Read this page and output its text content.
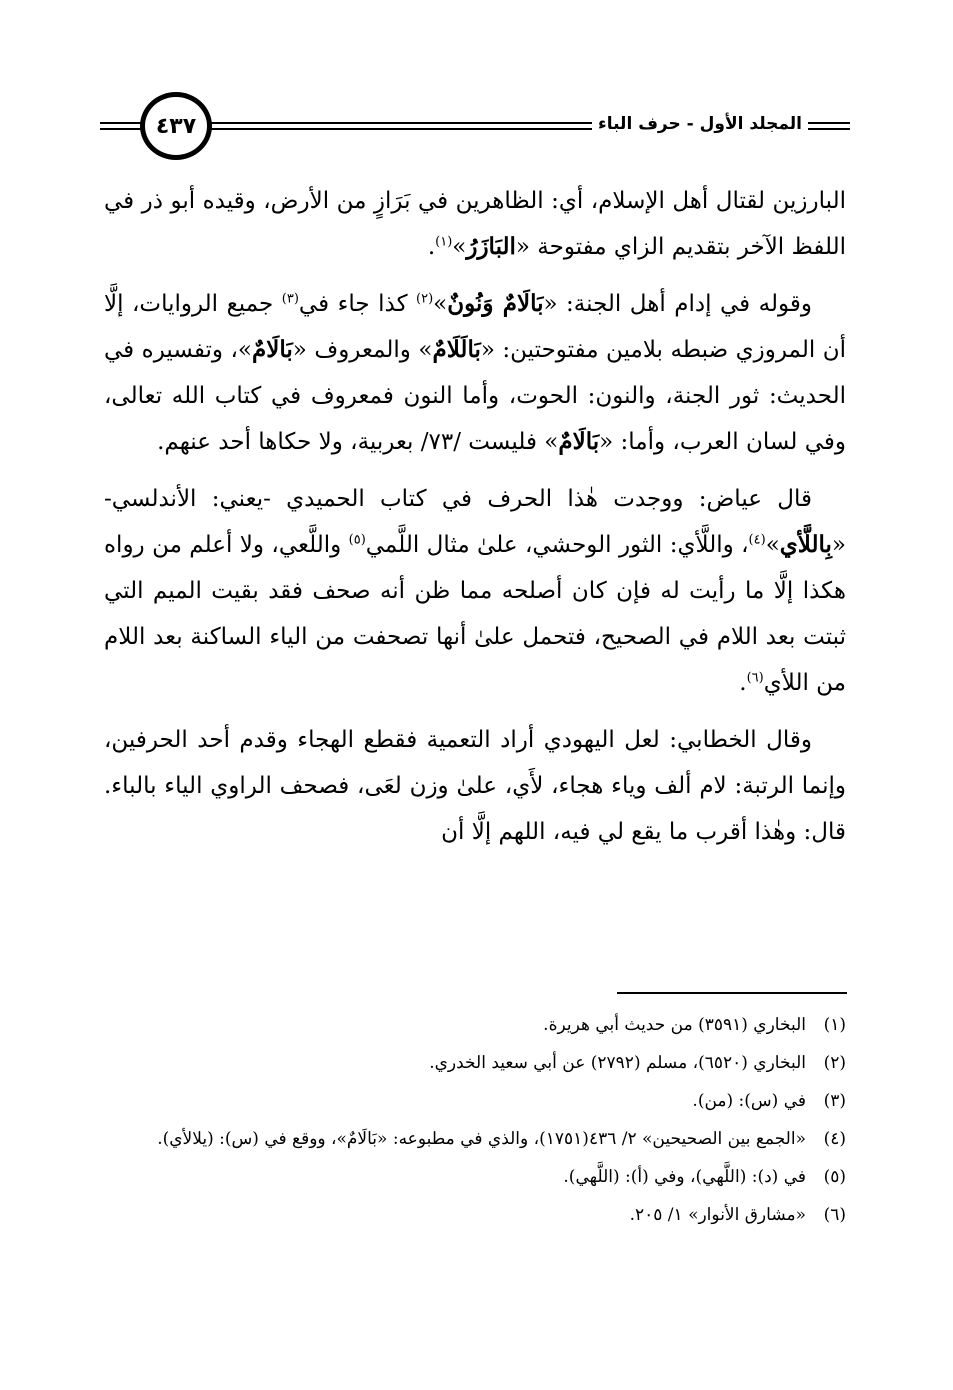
٤٣٧	المجلد الأول - حرف الباء

البارزين لقتال أهل الإسلام، أي: الظاهرين في بَرَازٍ من الأرض، وقيده أبو ذر في اللفظ الآخر بتقديم الزاي مفتوحة «البَازَرُ»$^{(١)}$.

وقوله في إدام أهل الجنة: «بَالَامٌ وَنُونٌ»$^{(٢)}$ كذا جاء في$^{(٣)}$ جميع الروايات، إلَّا أن المروزي ضبطه بلامين مفتوحتين: «بَالَلَامٌ» والمعروف «بَالَامٌ»، وتفسيره في الحديث: ثور الجنة، والنون: الحوت، وأما النون فمعروف في كتاب الله تعالى، وفي لسان العرب، وأما: «بَالَامٌ» فليست /٧٣/ بعربية، ولا حكاها أحد عنهم.

قال عياض: ووجدت هٰذا الحرف في كتاب الحميدي -يعني: الأندلسي- «بِاللَّأي»$^{(٤)}$، واللَّأي: الثور الوحشي، علىٰ مثال اللَّمي$^{(٥)}$ واللَّعي، ولا أعلم من رواه هكذا إلَّا ما رأيت له فإن كان أصلحه مما ظن أنه صحف فقد بقيت الميم التي ثبتت بعد اللام في الصحيح، فتحمل علىٰ أنها تصحفت من الياء الساكنة بعد اللام من اللأي$^{(٦)}$.

وقال الخطابي: لعل اليهودي أراد التعمية فقطع الهجاء وقدم أحد الحرفين، وإنما الرتبة: لام ألف وياء هجاء، لأَي، علىٰ وزن لعَى، فصحف الراوي الياء بالباء. قال: وهٰذا أقرب ما يقع لي فيه، اللهم إلَّا أن

(١)
البخاري (٣٥٩١) من حديث أبي هريرة.
(٢)
البخاري (٦٥٢٠)، مسلم (٢٧٩٢) عن أبي سعيد الخدري.
(٣)
في (س): (من).
(٤)
«الجمع بين الصحيحين» ٢/ ٤٣٦(١٧٥١)، والذي في مطبوعه: «بَالَامٌ»، ووقع في (س): (يلالأي).
(٥)
في (د): (اللَّهي)، وفي (أ): (اللَّهي).
(٦)
«مشارق الأنوار» ١/ ٢٠٥.
